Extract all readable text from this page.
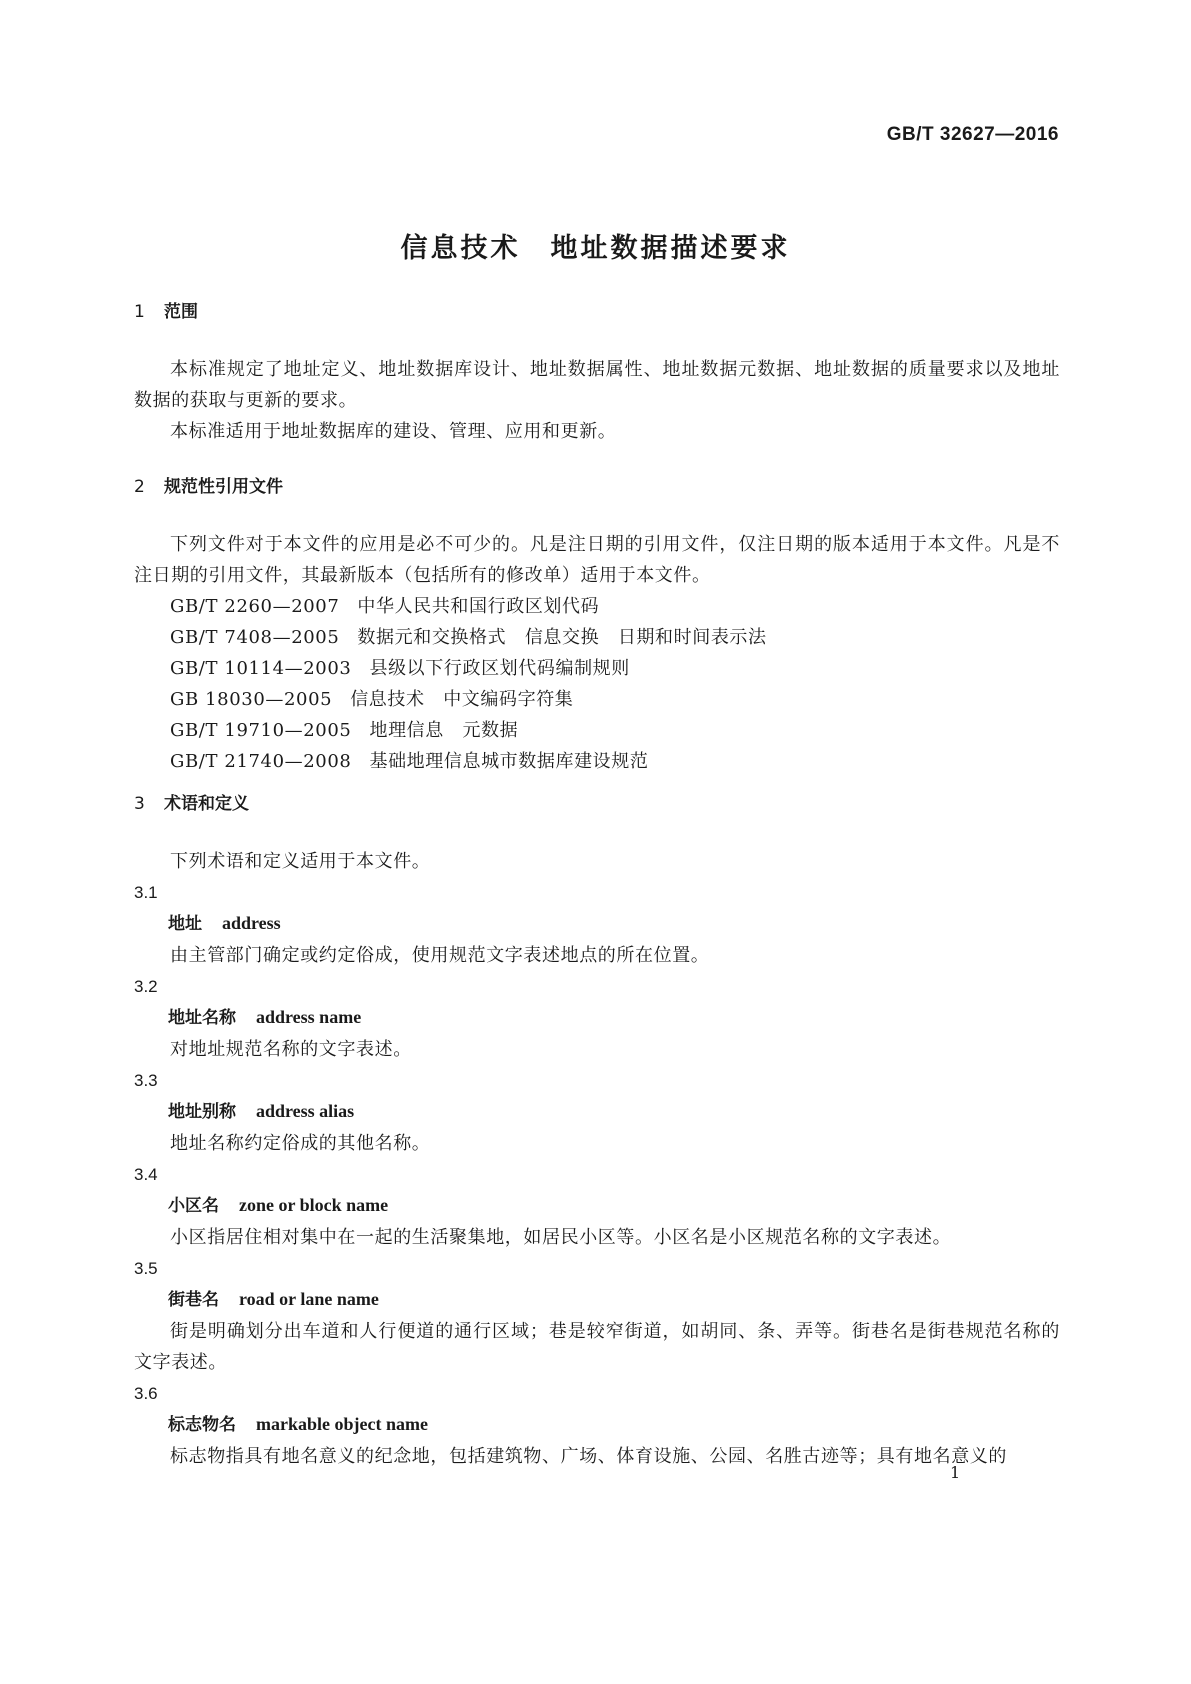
GB/T 32627—2016
信息技术　地址数据描述要求
1 范围

本标准规定了地址定义、地址数据库设计、地址数据属性、地址数据元数据、地址数据的质量要求以及地址数据的获取与更新的要求。

本标准适用于地址数据库的建设、管理、应用和更新。

2 规范性引用文件

下列文件对于本文件的应用是必不可少的。凡是注日期的引用文件，仅注日期的版本适用于本文件。凡是不注日期的引用文件，其最新版本（包括所有的修改单）适用于本文件。

GB/T 2260—2007 中华人民共和国行政区划代码
GB/T 7408—2005 数据元和交换格式　信息交换　日期和时间表示法
GB/T 10114—2003 县级以下行政区划代码编制规则
GB 18030—2005 信息技术　中文编码字符集
GB/T 19710—2005 地理信息　元数据
GB/T 21740—2008 基础地理信息城市数据库建设规范
3 术语和定义

下列术语和定义适用于本文件。

3.1
地址 address

由主管部门确定或约定俗成，使用规范文字表述地点的所在位置。

3.2
地址名称 address name

对地址规范名称的文字表述。

3.3
地址别称 address alias

地址名称约定俗成的其他名称。

3.4
小区名 zone or block name

小区指居住相对集中在一起的生活聚集地，如居民小区等。小区名是小区规范名称的文字表述。

3.5
街巷名 road or lane name

街是明确划分出车道和人行便道的通行区域；巷是较窄街道，如胡同、条、弄等。街巷名是街巷规范名称的文字表述。

3.6
标志物名 markable object name

标志物指具有地名意义的纪念地，包括建筑物、广场、体育设施、公园、名胜古迹等；具有地名意义的

1
